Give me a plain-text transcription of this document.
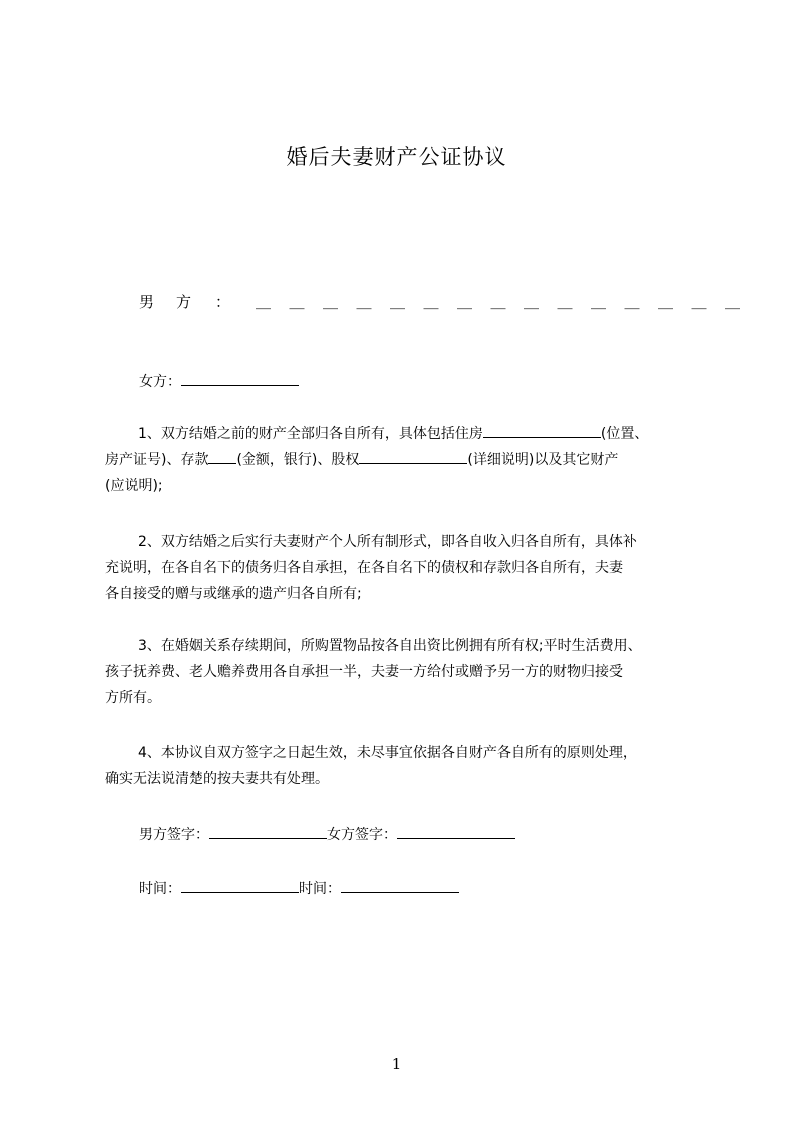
婚后夫妻财产公证协议
男方 ： ＿＿＿＿＿＿＿＿＿＿＿＿＿＿＿
女方：
1、双方结婚之前的财产全部归各自所有，具体包括住房	(位置、
房产证号)、存款 (金额，银行)、股权	(详细说明)以及其它财产
(应说明);
2、双方结婚之后实行夫妻财产个人所有制形式，即各自收入归各自所有，具体补
充说明，在各自名下的债务归各自承担，在各自名下的债权和存款归各自所有，夫妻
各自接受的赠与或继承的遗产归各自所有;
3、在婚姻关系存续期间，所购置物品按各自出资比例拥有所有权;平时生活费用、
孩子抚养费、老人赡养费用各自承担一半，夫妻一方给付或赠予另一方的财物归接受
方所有。
4、本协议自双方签字之日起生效，未尽事宜依据各自财产各自所有的原则处理，
确实无法说清楚的按夫妻共有处理。
男方签字：	女方签字：
时间：	时间：
1
